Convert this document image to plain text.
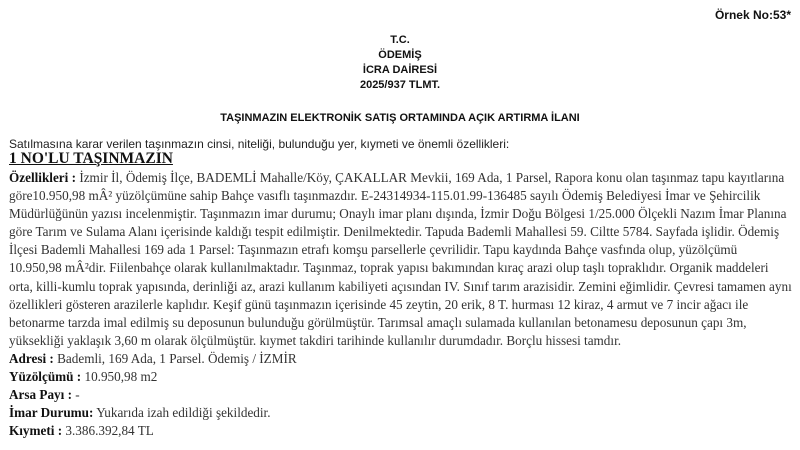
Örnek No:53*
T.C.
ÖDEMİŞ
İCRA DAİRESİ
2025/937 TLMT.
TAŞINMAZIN ELEKTRONİK SATIŞ ORTAMINDA AÇIK ARTIRMA İLANI
Satılmasına karar verilen taşınmazın cinsi, niteliği, bulunduğu yer, kıymeti ve önemli özellikleri:
1 NO'LU TAŞINMAZIN

Özellikleri : İzmir İl, Ödemiş İlçe, BADEMLİ Mahalle/Köy, ÇAKALLAR Mevkii, 169 Ada, 1 Parsel, Rapora konu olan taşınmaz tapu kayıtlarına göre10.950,98 mÂ² yüzölçümüne sahip Bahçe vasıflı taşınmazdır. E-24314934-115.01.99-136485 sayılı Ödemiş Belediyesi İmar ve Şehircilik Müdürlüğünün yazısı incelenmiştir. Taşınmazın imar durumu; Onaylı imar planı dışında, İzmir Doğu Bölgesi 1/25.000 Ölçekli Nazım İmar Planına göre Tarım ve Sulama Alanı içerisinde kaldığı tespit edilmiştir. Denilmektedir. Tapuda Bademli Mahallesi 59. Ciltte 5784. Sayfada işlidir. Ödemiş İlçesi Bademli Mahallesi 169 ada 1 Parsel: Taşınmazın etrafı komşu parsellerle çevrilidir. Tapu kaydında Bahçe vasfında olup, yüzölçümü 10.950,98 mÂ²dir. Fiilenbahçe olarak kullanılmaktadır. Taşınmaz, toprak yapısı bakımından kıraç arazi olup taşlı topraklıdır. Organik maddeleri orta, killi-kumlu toprak yapısında, derinliği az, arazi kullanım kabiliyeti açısından IV. Sınıf tarım arazisidir. Zemini eğimlidir. Çevresi tamamen aynı özellikleri gösteren arazilerle kaplıdır. Keşif günü taşınmazın içerisinde 45 zeytin, 20 erik, 8 T. hurması 12 kiraz, 4 armut ve 7 incir ağacı ile betonarme tarzda imal edilmiş su deposunun bulunduğu görülmüştür. Tarımsal amaçlı sulamada kullanılan betonamesu deposunun çapı 3m, yüksekliği yaklaşık 3,60 m olarak ölçülmüştür. kıymet takdiri tarihinde kullanılır durumdadır. Borçlu hissesi tamdır.

Adresi : Bademli, 169 Ada, 1 Parsel. Ödemiş / İZMİR

Yüzölçümü : 10.950,98 m2

Arsa Payı : -

İmar Durumu: Yukarıda izah edildiği şekildedir.

Kıymeti : 3.386.392,84 TL
